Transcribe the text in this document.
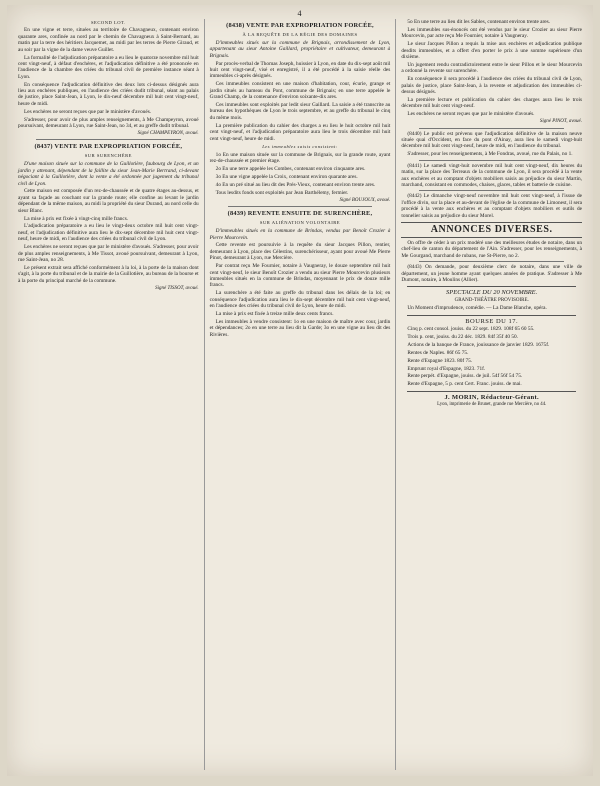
4

SECOND LOT.

En une vigne et terre, situées au territoire de Chavagneux, contenant environ quarante ares, confinée au nord par le chemin de Chavagneux à Saint-Bernard, au matin par la terre des héritiers Jacquemet, au midi par les terres de Pierre Giraud, et au soir par la vigne de la dame veuve Guillet.

La formalité de l'adjudication préparatoire a eu lieu le quatorze novembre mil huit cent vingt-neuf, à défaut d'enchères, et l'adjudication définitive a été prononcée en l'audience de la chambre des criées du tribunal civil de première instance séant à Lyon.

En conséquence l'adjudication définitive des deux lots ci-dessus désignés aura lieu aux enchères publiques, en l'audience des criées dudit tribunal, séant au palais de justice, place Saint-Jean, à Lyon, le dix-neuf décembre mil huit cent vingt-neuf, heure de midi.

Les enchères ne seront reçues que par le ministère d'avoués.

S'adresser, pour avoir de plus amples renseignements, à Me Champeyron, avoué poursuivant, demeurant à Lyon, rue Saint-Jean, no 34, et au greffe dudit tribunal.

Signé CHAMPEYRON, avoué.

(8437) VENTE PAR EXPROPRIATION FORCÉE,

SUR SURENCHÈRE

D'une maison située sur la commune de la Guillotière, faubourg de Lyon, et un jardin y attenant, dépendant de la faillite du sieur Jean-Marie Bertrand, ci-devant négociant à la Guillotière, dont la vente a été ordonnée par jugement du tribunal civil de Lyon.

Cette maison est composée d'un rez-de-chaussée et de quatre étages au-dessus, et ayant sa façade au couchant sur la grande route; elle confine au levant le jardin dépendant de la même maison, au midi la propriété du sieur Durand, au nord celle du sieur Blanc.

La mise à prix est fixée à vingt-cinq mille francs.

L'adjudication préparatoire a eu lieu le vingt-deux octobre mil huit cent vingt-neuf, et l'adjudication définitive aura lieu le dix-sept décembre mil huit cent vingt-neuf, heure de midi, en l'audience des criées du tribunal civil de Lyon.

Les enchères ne seront reçues que par le ministère d'avoués. S'adresser, pour avoir de plus amples renseignements, à Me Tissot, avoué poursuivant, demeurant à Lyon, rue Saint-Jean, no 28.

Le présent extrait sera affiché conformément à la loi, à la porte de la maison dont s'agit, à la porte du tribunal et de la mairie de la Guillotière, au bureau de la bourse et à la porte du principal marché de la commune.

Signé TISSOT, avoué.

(8438) VENTE PAR EXPROPRIATION FORCÉE,

À LA REQUÊTE DE LA RÉGIE DES DOMAINES

D'immeubles situés sur la commune de Brignais, arrondissement de Lyon, appartenant au sieur Antoine Gaillard, propriétaire et cultivateur, demeurant à Brignais.

Par procès-verbal de Thomas Joseph, huissier à Lyon, en date du dix-sept août mil huit cent vingt-neuf, visé et enregistré, il a été procédé à la saisie réelle des immeubles ci-après désignés.

Ces immeubles consistent en une maison d'habitation, cour, écurie, grange et jardin situés au hameau du Pont, commune de Brignais; en une terre appelée le Grand Champ, de la contenance d'environ soixante-dix ares.

Ces immeubles sont exploités par ledit sieur Gaillard. La saisie a été transcrite au bureau des hypothèques de Lyon le trois septembre, et au greffe du tribunal le cinq du même mois.

La première publication du cahier des charges a eu lieu le huit octobre mil huit cent vingt-neuf, et l'adjudication préparatoire aura lieu le trois décembre mil huit cent vingt-neuf, heure de midi.

Les immeubles saisis consistent:

1o En une maison située sur la commune de Brignais, sur la grande route, ayant rez-de-chaussée et premier étage.

2o En une terre appelée les Combes, contenant environ cinquante ares.

3o En une vigne appelée la Croix, contenant environ quarante ares.

4o En un pré situé au lieu dit des Prés-Vieux, contenant environ trente ares.

Tous lesdits fonds sont exploités par Jean Barthélemy, fermier.

Signé BOUJOUX, avoué.

(8439) REVENTE ENSUITE DE SURENCHÈRE,

SUR ALIÉNATION VOLONTAIRE

D'immeubles situés en la commune de Brindas, vendus par Benoît Crozier à Pierre Mourcevin.

Cette revente est poursuivie à la requête du sieur Jacques Pillon, rentier, demeurant à Lyon, place des Célestins, surenchérisseur, ayant pour avoué Me Pierre Pinot, demeurant à Lyon, rue Mercière.

Par contrat reçu Me Fournier, notaire à Vaugneray, le douze septembre mil huit cent vingt-neuf, le sieur Benoît Crozier a vendu au sieur Pierre Mourcevin plusieurs immeubles situés en la commune de Brindas, moyennant le prix de douze mille francs.

La surenchère a été faite au greffe du tribunal dans les délais de la loi; en conséquence l'adjudication aura lieu le dix-sept décembre mil huit cent vingt-neuf, en l'audience des criées du tribunal civil de Lyon, heure de midi.

La mise à prix est fixée à treize mille deux cents francs.

Les immeubles à vendre consistent: 1o en une maison de maître avec cour, jardin et dépendances; 2o en une terre au lieu dit la Garde; 3o en une vigne au lieu dit des Rivières.

5o En une terre au lieu dit les Sables, contenant environ trente ares.

Les immeubles sus-énoncés ont été vendus par le sieur Crozier au sieur Pierre Mourcevin, par acte reçu Me Fournier, notaire à Vaugneray.

Le sieur Jacques Pillon a requis la mise aux enchères et adjudication publique desdits immeubles, et a offert d'en porter le prix à une somme supérieure d'un dixième.

Un jugement rendu contradictoirement entre le sieur Pillon et le sieur Mourcevin a ordonné la revente sur surenchère.

En conséquence il sera procédé à l'audience des criées du tribunal civil de Lyon, palais de justice, place Saint-Jean, à la revente et adjudication des immeubles ci-dessus désignés.

La première lecture et publication du cahier des charges aura lieu le trois décembre mil huit cent vingt-neuf.

Les enchères ne seront reçues que par le ministère d'avoués.

Signé PINOT, avoué.

(8440) Le public est prévenu que l'adjudication définitive de la maison neuve située quai d'Occident, en face du pont d'Ainay, aura lieu le samedi vingt-huit décembre mil huit cent vingt-neuf, heure de midi, en l'audience du tribunal.

S'adresser, pour les renseignements, à Me Fondras, avoué, rue du Palais, no 1.

(8441) Le samedi vingt-huit novembre mil huit cent vingt-neuf, dix heures du matin, sur la place des Terreaux de la commune de Lyon, il sera procédé à la vente aux enchères et au comptant d'objets mobiliers saisis au préjudice du sieur Martin, marchand, consistant en commodes, chaises, glaces, tables et batterie de cuisine.

(8442) Le dimanche vingt-neuf novembre mil huit cent vingt-neuf, à l'issue de l'office divin, sur la place et au-devant de l'église de la commune de Limonest, il sera procédé à la vente aux enchères et au comptant d'objets mobiliers et outils de tonnelier saisis au préjudice du sieur Morel.

ANNONCES DIVERSES.

On offre de céder à un prix modéré une des meilleures études de notaire, dans un chef-lieu de canton du département de l'Ain. S'adresser, pour les renseignements, à Me Gourgand, marchand de rubans, rue St-Pierre, no 2.

(8443) On demande, pour deuxième clerc de notaire, dans une ville de département, un jeune homme ayant quelques années de pratique. S'adresser à Me Dumont, notaire, à Moulins (Allier).

SPECTACLE DU 20 NOVEMBRE.

GRAND-THÉÂTRE PROVISOIRE.

Un Moment d'imprudence, comédie. — La Dame Blanche, opéra.

BOURSE DU 17.

Cinq p. cent consol. jouiss. du 22 sept. 1829. 108f 65 60 55.

Trois p. cent, jouiss. du 22 déc. 1829. 84f 35f 40 50.

Actions de la banque de France, jouissance de janvier 1829. 1675f.

Rentes de Naples. 86f 65 75.

Rente d'Espagne 1823. 80f 75.

Emprunt royal d'Espagne, 1823. 71f.

Rente perpét. d'Espagne, jouiss. de juil. 54f 56f 54 75.

Rente d'Espagne, 5 p. cent Cert. Franc. jouiss. de mai.

J. MORIN, Rédacteur-Gérant.

Lyon, imprimerie de Brunet, grande rue Mercière, no 44.
